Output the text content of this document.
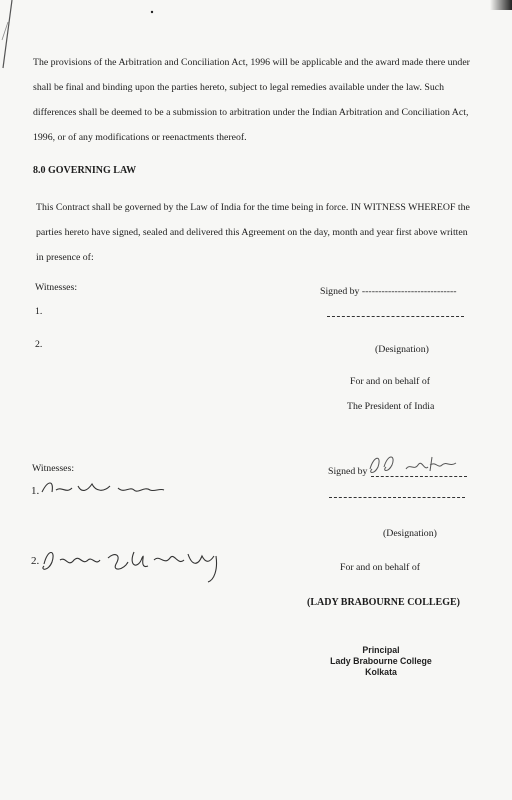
The provisions of the Arbitration and Conciliation Act, 1996 will be applicable and the award made there under shall be final and binding upon the parties hereto, subject to legal remedies available under the law. Such differences shall be deemed to be a submission to arbitration under the Indian Arbitration and Conciliation Act, 1996, or of any modifications or reenactments thereof.

8.0 GOVERNING LAW

This Contract shall be governed by the Law of India for the time being in force. IN WITNESS WHEREOF the parties hereto have signed, sealed and delivered this Agreement on the day, month and year first above written in presence of:

Witnesses:
1.
2.
Signed by -----------------------------
(Designation)
For and on behalf of
The President of India
Witnesses:
1.
2.
Signed by
(Designation)
For and on behalf of
(LADY BRABOURNE COLLEGE)
Principal
Lady Brabourne College
Kolkata
